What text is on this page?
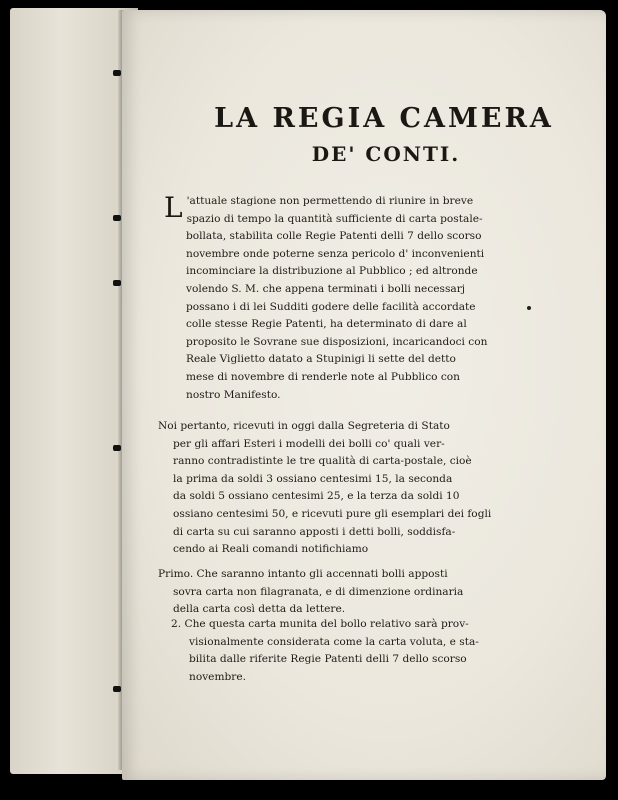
LA REGIA CAMERA
DE' CONTI.
L 'attuale stagione non permettendo di riunire in breve
spazio di tempo la quantità sufficiente di carta postale-
bollata, stabilita colle Regie Patenti delli 7 dello scorso
novembre onde poterne senza pericolo d' inconvenienti
incominciare la distribuzione al Pubblico ; ed altronde
volendo S. M. che appena terminati i bolli necessarj
possano i di lei Sudditi godere delle facilità accordate
colle stesse Regie Patenti, ha determinato di dare al
proposito le Sovrane sue disposizioni, incaricandoci con
Reale Viglietto datato a Stupinigi li sette del detto
mese di novembre di renderle note al Pubblico con
nostro Manifesto.
Noi pertanto, ricevuti in oggi dalla Segreteria di Stato
per gli affari Esteri i modelli dei bolli co' quali ver-
ranno contradistinte le tre qualità di carta-postale, cioè
la prima da soldi 3 ossiano centesimi 15, la seconda
da soldi 5 ossiano centesimi 25, e la terza da soldi 10
ossiano centesimi 50, e ricevuti pure gli esemplari dei fogli
di carta su cui saranno apposti i detti bolli, soddisfa-
cendo ai Reali comandi notifichiamo
Primo. Che saranno intanto gli accennati bolli apposti
sovra carta non filagranata, e di dimenzione ordinaria
della carta così detta da lettere.
2. Che questa carta munita del bollo relativo sarà prov-
visionalmente considerata come la carta voluta, e sta-
bilita dalle riferite Regie Patenti delli 7 dello scorso
novembre.
